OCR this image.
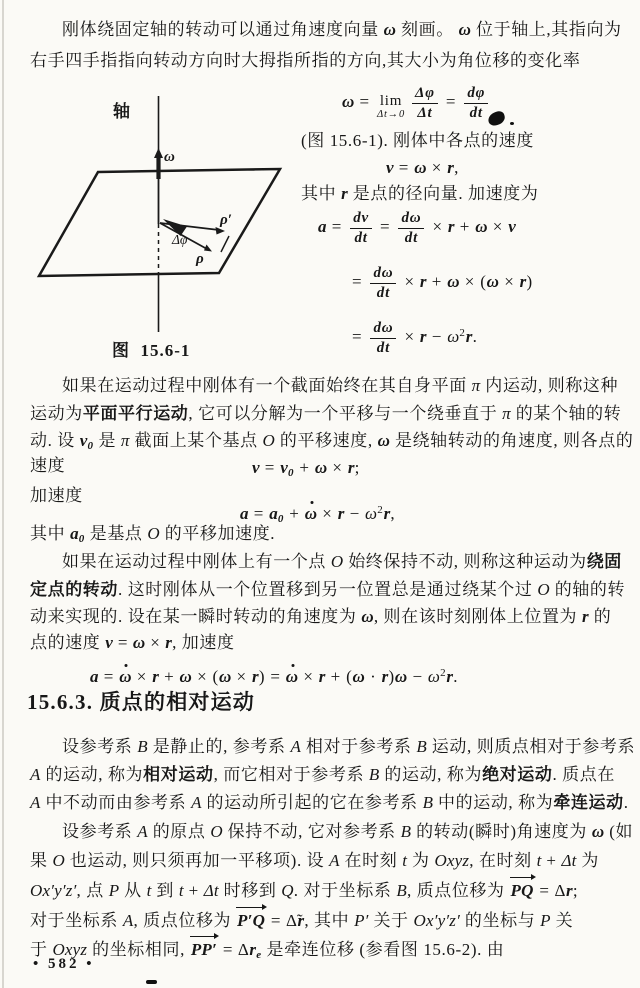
刚体绕固定轴的转动可以通过角速度向量 ω 刻画。 ω 位于轴上,其指向为
右手四手指指向转动方向时大拇指所指的方向,其大小为角位移的变化率
ω = lim
$\Delta t\to 0 \frac{\Delta\varphi}{\Delta t} = \frac{d\varphi}{dt}$
(图 15.6-1). 刚体中各点的速度
v = ω × r,
其中 r 是点的径向量. 加速度为
$a = \frac{dv}{dt} = \frac{d\omega}{dt} \times r + \omega \times v$
= $\frac{d\omega}{dt} \times r + \omega \times (\omega \times r)$
= $\frac{d\omega}{dt} \times r - \omega^2r$.
轴
ω
Δφ
ρ′
ρ
图  15.6-1
如果在运动过程中刚体有一个截面始终在其自身平面 π 内运动, 则称这种
运动为平面平行运动, 它可以分解为一个平移与一个绕垂直于 π 的某个轴的转
动. 设 $v_0$ 是 π 截面上某个基点 O 的平移速度, ω 是绕轴转动的角速度, 则各点的
速度	$v = v_0 + \omega \times r$;
加速度
$a = a_0 + \omega \times r - \omega^2r$,
其中 $a_0$ 是基点 O 的平移加速度.
如果在运动过程中刚体上有一个点 O 始终保持不动, 则称这种运动为绕固
定点的转动. 这时刚体从一个位置移到另一位置总是通过绕某个过 O 的轴的转
动来实现的. 设在某一瞬时转动的角速度为 ω, 则在该时刻刚体上位置为 r 的
点的速度 v = ω × r, 加速度
$a = \omega \times r + \omega \times (\omega \times r) = \omega \times r + (\omega \cdot r)\omega - \omega^2r$.
15.6.3. 质点的相对运动
设参考系 B 是静止的, 参考系 A 相对于参考系 B 运动, 则质点相对于参考系
A 的运动, 称为相对运动, 而它相对于参考系 B 的运动, 称为绝对运动. 质点在
A 中不动而由参考系 A 的运动所引起的它在参考系 B 中的运动, 称为牵连运动.
设参考系 A 的原点 O 保持不动, 它对参考系 B 的转动(瞬时)角速度为 ω (如
果 O 也运动, 则只须再加一平移项). 设 A 在时刻 t 为 Oxyz, 在时刻 t + Δt 为
Ox′y′z′, 点 P 从 t 到 t + Δt 时移到 Q. 对于坐标系 B, 质点位移为 PQ = Δr;
对于坐标系 A, 质点位移为 P′Q = Δ̃r, 其中 P′ 关于 Ox′y′z′ 的坐标与 P 关
于 Oxyz 的坐标相同, $PP' = \Delta r_e$ 是牵连位移 (参看图 15.6-2). 由
• 582 •
